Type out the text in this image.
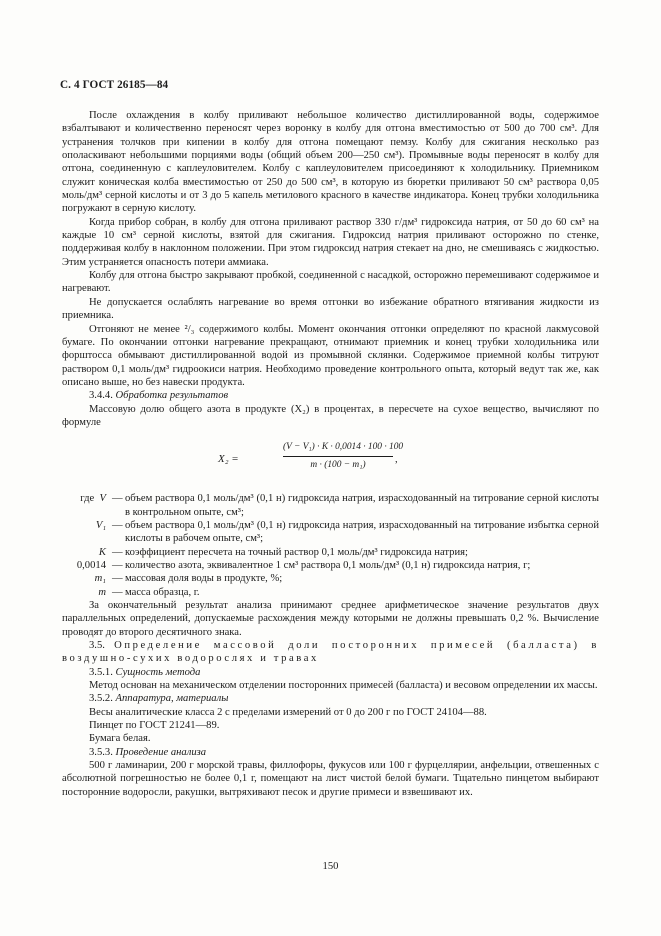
С. 4 ГОСТ 26185—84

После охлаждения в колбу приливают небольшое количество дистиллированной воды, содержимое взбалтывают и количественно переносят через воронку в колбу для отгона вместимостью от 500 до 700 см³. Для устранения толчков при кипении в колбу для отгона помещают пемзу. Колбу для сжигания несколько раз ополаскивают небольшими порциями воды (общий объем 200—250 см³). Промывные воды переносят в колбу для отгона, соединенную с каплеуловителем. Колбу с каплеуловителем присоединяют к холодильнику. Приемником служит коническая колба вместимостью от 250 до 500 см³, в которую из бюретки приливают 50 см³ раствора 0,05 моль/дм³ серной кислоты и от 3 до 5 капель метилового красного в качестве индикатора. Конец трубки холодильника погружают в серную кислоту.

Когда прибор собран, в колбу для отгона приливают раствор 330 г/дм³ гидроксида натрия, от 50 до 60 см³ на каждые 10 см³ серной кислоты, взятой для сжигания. Гидроксид натрия приливают осторожно по стенке, поддерживая колбу в наклонном положении. При этом гидроксид натрия стекает на дно, не смешиваясь с жидкостью. Этим устраняется опасность потери аммиака.

Колбу для отгона быстро закрывают пробкой, соединенной с насадкой, осторожно перемешивают содержимое и нагревают.

Не допускается ослаблять нагревание во время отгонки во избежание обратного втягивания жидкости из приемника.

Отгоняют не менее ²/₃ содержимого колбы. Момент окончания отгонки определяют по красной лакмусовой бумаге. По окончании отгонки нагревание прекращают, отнимают приемник и конец трубки холодильника или форштосса обмывают дистиллированной водой из промывной склянки. Содержимое приемной колбы титруют раствором 0,1 моль/дм³ гидроокиси натрия. Необходимо проведение контрольного опыта, который ведут так же, как описано выше, но без навески продукта.

3.4.4. Обработка результатов

Массовую долю общего азота в продукте (X₂) в процентах, в пересчете на сухое вещество, вычисляют по формуле

X₂ =	$\frac{\text{(V − V₁) · K · 0,0014 · 100 · 100}}{\text{m · (100 − m₁)}}$ ,
где V — объем раствора 0,1 моль/дм³ (0,1 н) гидроксида натрия, израсходованный на титрование серной кислоты в контрольном опыте, см³;
V₁ — объем раствора 0,1 моль/дм³ (0,1 н) гидроксида натрия, израсходованный на титрование избытка серной кислоты в рабочем опыте, см³;
K — коэффициент пересчета на точный раствор 0,1 моль/дм³ гидроксида натрия;
0,0014 — количество азота, эквивалентное 1 см³ раствора 0,1 моль/дм³ (0,1 н) гидроксида натрия, г;
m₁ — массовая доля воды в продукте, %;
m — масса образца, г.

За окончательный результат анализа принимают среднее арифметическое значение результатов двух параллельных определений, допускаемые расхождения между которыми не должны превышать 0,2 %. Вычисление проводят до второго десятичного знака.

3.5. Определение массовой доли посторонних примесей (балласта) в воздушно-сухих водорослях и травах

3.5.1. Сущность метода

Метод основан на механическом отделении посторонних примесей (балласта) и весовом определении их массы.

3.5.2. Аппаратура, материалы

Весы аналитические класса 2 с пределами измерений от 0 до 200 г по ГОСТ 24104—88.

Пинцет по ГОСТ 21241—89.

Бумага белая.

3.5.3. Проведение анализа

500 г ламинарии, 200 г морской травы, филлофоры, фукусов или 100 г фурцеллярии, анфельции, отвешенных с абсолютной погрешностью не более 0,1 г, помещают на лист чистой белой бумаги. Тщательно пинцетом выбирают посторонние водоросли, ракушки, вытряхивают песок и другие примеси и взвешивают их.

150
